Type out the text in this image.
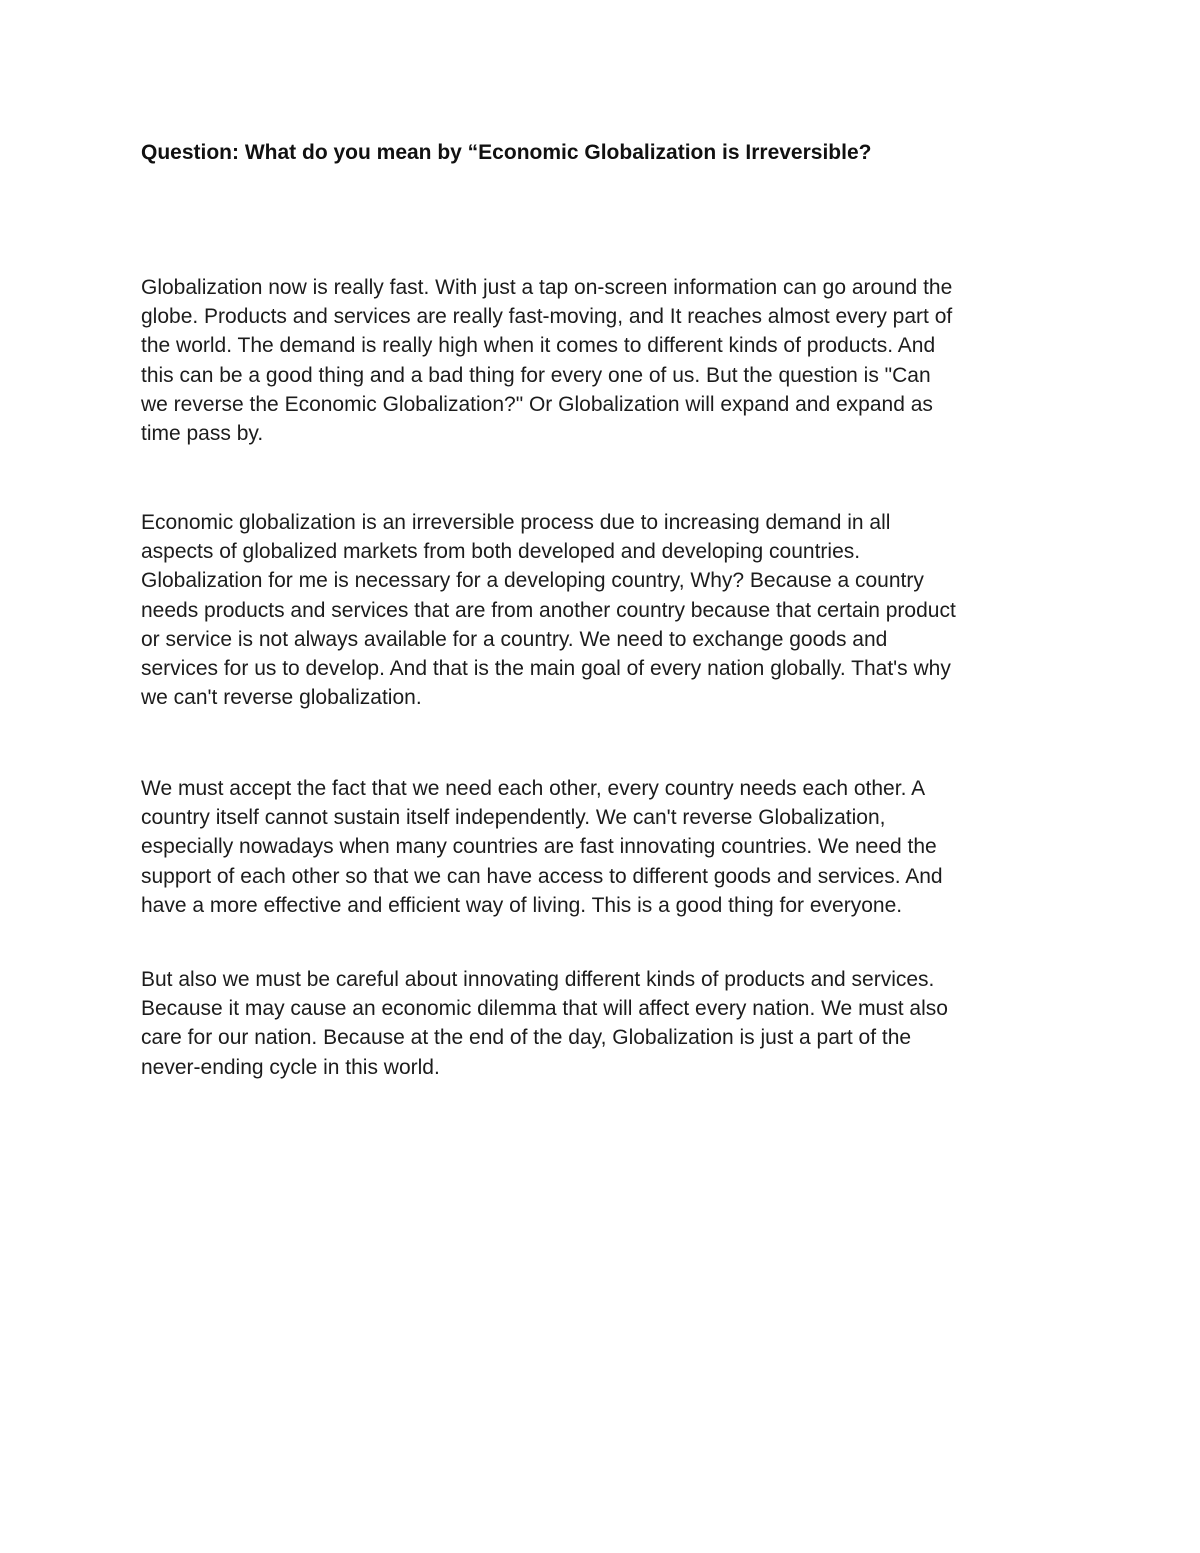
Question: What do you mean by “Economic Globalization is Irreversible?

Globalization now is really fast. With just a tap on-screen information can go around the
globe. Products and services are really fast-moving, and It reaches almost every part of
the world. The demand is really high when it comes to different kinds of products. And
this can be a good thing and a bad thing for every one of us. But the question is "Can
we reverse the Economic Globalization?" Or Globalization will expand and expand as
time pass by.

Economic globalization is an irreversible process due to increasing demand in all
aspects of globalized markets from both developed and developing countries.
Globalization for me is necessary for a developing country, Why? Because a country
needs products and services that are from another country because that certain product
or service is not always available for a country. We need to exchange goods and
services for us to develop. And that is the main goal of every nation globally. That's why
we can't reverse globalization.

We must accept the fact that we need each other, every country needs each other. A
country itself cannot sustain itself independently. We can't reverse Globalization,
especially nowadays when many countries are fast innovating countries. We need the
support of each other so that we can have access to different goods and services. And
have a more effective and efficient way of living. This is a good thing for everyone.

But also we must be careful about innovating different kinds of products and services.
Because it may cause an economic dilemma that will affect every nation. We must also
care for our nation. Because at the end of the day, Globalization is just a part of the
never-ending cycle in this world.
